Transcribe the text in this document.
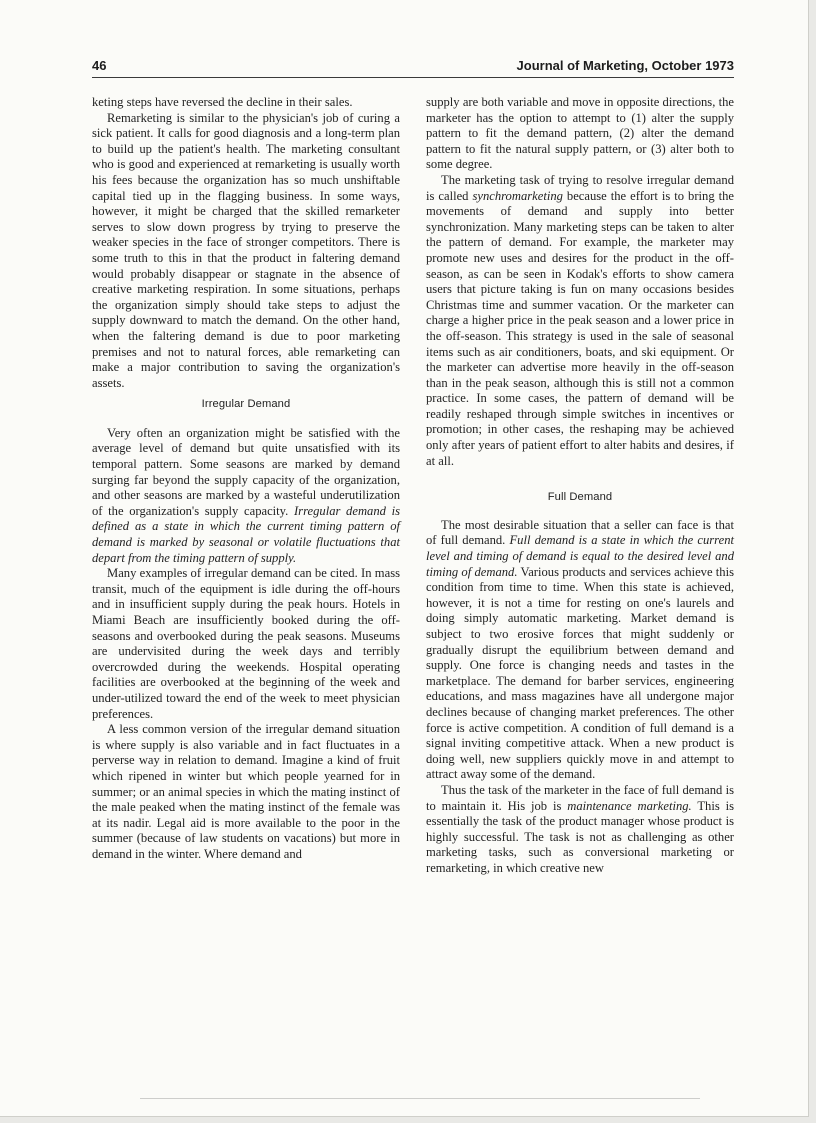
46	Journal of Marketing, October 1973

keting steps have reversed the decline in their sales.

Remarketing is similar to the physician's job of curing a sick patient. It calls for good diagnosis and a long-term plan to build up the patient's health. The marketing consultant who is good and experienced at remarketing is usually worth his fees because the organization has so much unshiftable capital tied up in the flagging business. In some ways, however, it might be charged that the skilled remarketer serves to slow down progress by trying to preserve the weaker species in the face of stronger competitors. There is some truth to this in that the product in faltering demand would probably disappear or stagnate in the absence of creative marketing respiration. In some situations, perhaps the organization simply should take steps to adjust the supply downward to match the demand. On the other hand, when the faltering demand is due to poor marketing premises and not to natural forces, able remarketing can make a major contribution to saving the organization's assets.

Irregular Demand

Very often an organization might be satisfied with the average level of demand but quite unsatisfied with its temporal pattern. Some seasons are marked by demand surging far beyond the supply capacity of the organization, and other seasons are marked by a wasteful underutilization of the organization's supply capacity. Irregular demand is defined as a state in which the current timing pattern of demand is marked by seasonal or volatile fluctuations that depart from the timing pattern of supply.

Many examples of irregular demand can be cited. In mass transit, much of the equipment is idle during the off-hours and in insufficient supply during the peak hours. Hotels in Miami Beach are insufficiently booked during the off-seasons and overbooked during the peak seasons. Museums are undervisited during the week days and terribly overcrowded during the weekends. Hospital operating facilities are overbooked at the beginning of the week and under-utilized toward the end of the week to meet physician preferences.

A less common version of the irregular demand situation is where supply is also variable and in fact fluctuates in a perverse way in relation to demand. Imagine a kind of fruit which ripened in winter but which people yearned for in summer; or an animal species in which the mating instinct of the male peaked when the mating instinct of the female was at its nadir. Legal aid is more available to the poor in the summer (because of law students on vacations) but more in demand in the winter. Where demand and

supply are both variable and move in opposite directions, the marketer has the option to attempt to (1) alter the supply pattern to fit the demand pattern, (2) alter the demand pattern to fit the natural supply pattern, or (3) alter both to some degree.

The marketing task of trying to resolve irregular demand is called synchromarketing because the effort is to bring the movements of demand and supply into better synchronization. Many marketing steps can be taken to alter the pattern of demand. For example, the marketer may promote new uses and desires for the product in the off-season, as can be seen in Kodak's efforts to show camera users that picture taking is fun on many occasions besides Christmas time and summer vacation. Or the marketer can charge a higher price in the peak season and a lower price in the off-season. This strategy is used in the sale of seasonal items such as air conditioners, boats, and ski equipment. Or the marketer can advertise more heavily in the off-season than in the peak season, although this is still not a common practice. In some cases, the pattern of demand will be readily reshaped through simple switches in incentives or promotion; in other cases, the reshaping may be achieved only after years of patient effort to alter habits and desires, if at all.

Full Demand

The most desirable situation that a seller can face is that of full demand. Full demand is a state in which the current level and timing of demand is equal to the desired level and timing of demand. Various products and services achieve this condition from time to time. When this state is achieved, however, it is not a time for resting on one's laurels and doing simply automatic marketing. Market demand is subject to two erosive forces that might suddenly or gradually disrupt the equilibrium between demand and supply. One force is changing needs and tastes in the marketplace. The demand for barber services, engineering educations, and mass magazines have all undergone major declines because of changing market preferences. The other force is active competition. A condition of full demand is a signal inviting competitive attack. When a new product is doing well, new suppliers quickly move in and attempt to attract away some of the demand.

Thus the task of the marketer in the face of full demand is to maintain it. His job is maintenance marketing. This is essentially the task of the product manager whose product is highly successful. The task is not as challenging as other marketing tasks, such as conversional marketing or remarketing, in which creative new
